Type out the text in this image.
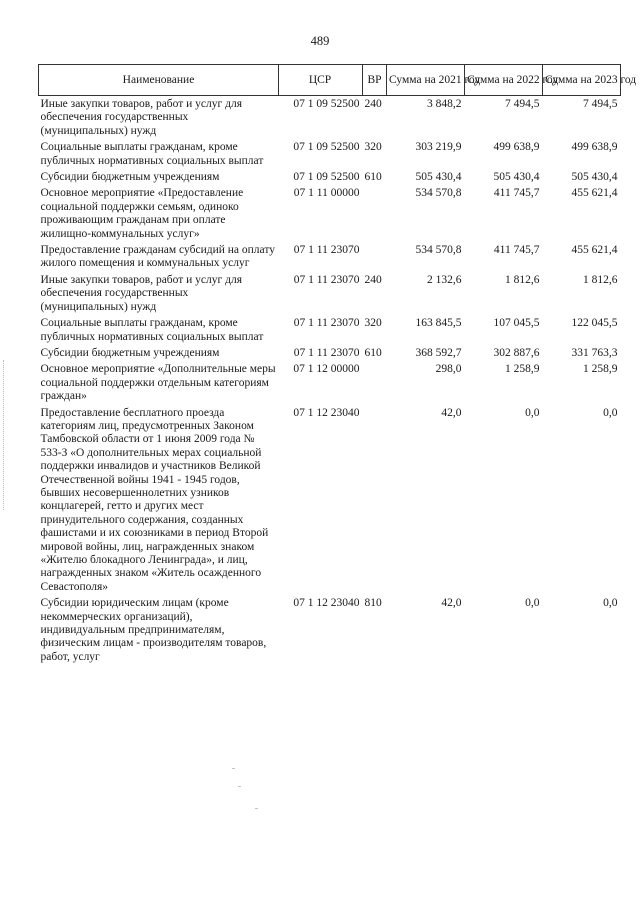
489
Наименование	ЦСР	ВР	Сумма на 2021 год	Сумма на 2022 год	Сумма на 2023 год
Иные закупки товаров, работ и услуг для обеспечения государственных (муниципальных) нужд	07 1 09 52500	240	3 848,2	7 494,5	7 494,5
Социальные выплаты гражданам, кроме публичных нормативных социальных выплат	07 1 09 52500	320	303 219,9	499 638,9	499 638,9
Субсидии бюджетным учреждениям	07 1 09 52500	610	505 430,4	505 430,4	505 430,4
Основное мероприятие «Предоставление социальной поддержки семьям, одиноко проживающим гражданам при оплате жилищно-коммунальных услуг»	07 1 11 00000		534 570,8	411 745,7	455 621,4
Предоставление гражданам субсидий на оплату жилого помещения и коммунальных услуг	07 1 11 23070		534 570,8	411 745,7	455 621,4
Иные закупки товаров, работ и услуг для обеспечения государственных (муниципальных) нужд	07 1 11 23070	240	2 132,6	1 812,6	1 812,6
Социальные выплаты гражданам, кроме публичных нормативных социальных выплат	07 1 11 23070	320	163 845,5	107 045,5	122 045,5
Субсидии бюджетным учреждениям	07 1 11 23070	610	368 592,7	302 887,6	331 763,3
Основное мероприятие «Дополнительные меры социальной поддержки отдельным категориям граждан»	07 1 12 00000		298,0	1 258,9	1 258,9
Предоставление бесплатного проезда категориям лиц, предусмотренных Законом Тамбовской области от 1 июня 2009 года № 533-З «О дополнительных мерах социальной поддержки инвалидов и участников Великой Отечественной войны 1941 - 1945 годов, бывших несовершеннолетних узников концлагерей, гетто и других мест принудительного содержания, созданных фашистами и их союзниками в период Второй мировой войны, лиц, награжденных знаком «Жителю блокадного Ленинграда», и лиц, награжденных знаком «Житель осажденного Севастополя»	07 1 12 23040		42,0	0,0	0,0
Субсидии юридическим лицам (кроме некоммерческих организаций), индивидуальным предпринимателям, физическим лицам - производителям товаров, работ, услуг	07 1 12 23040	810	42,0	0,0	0,0
